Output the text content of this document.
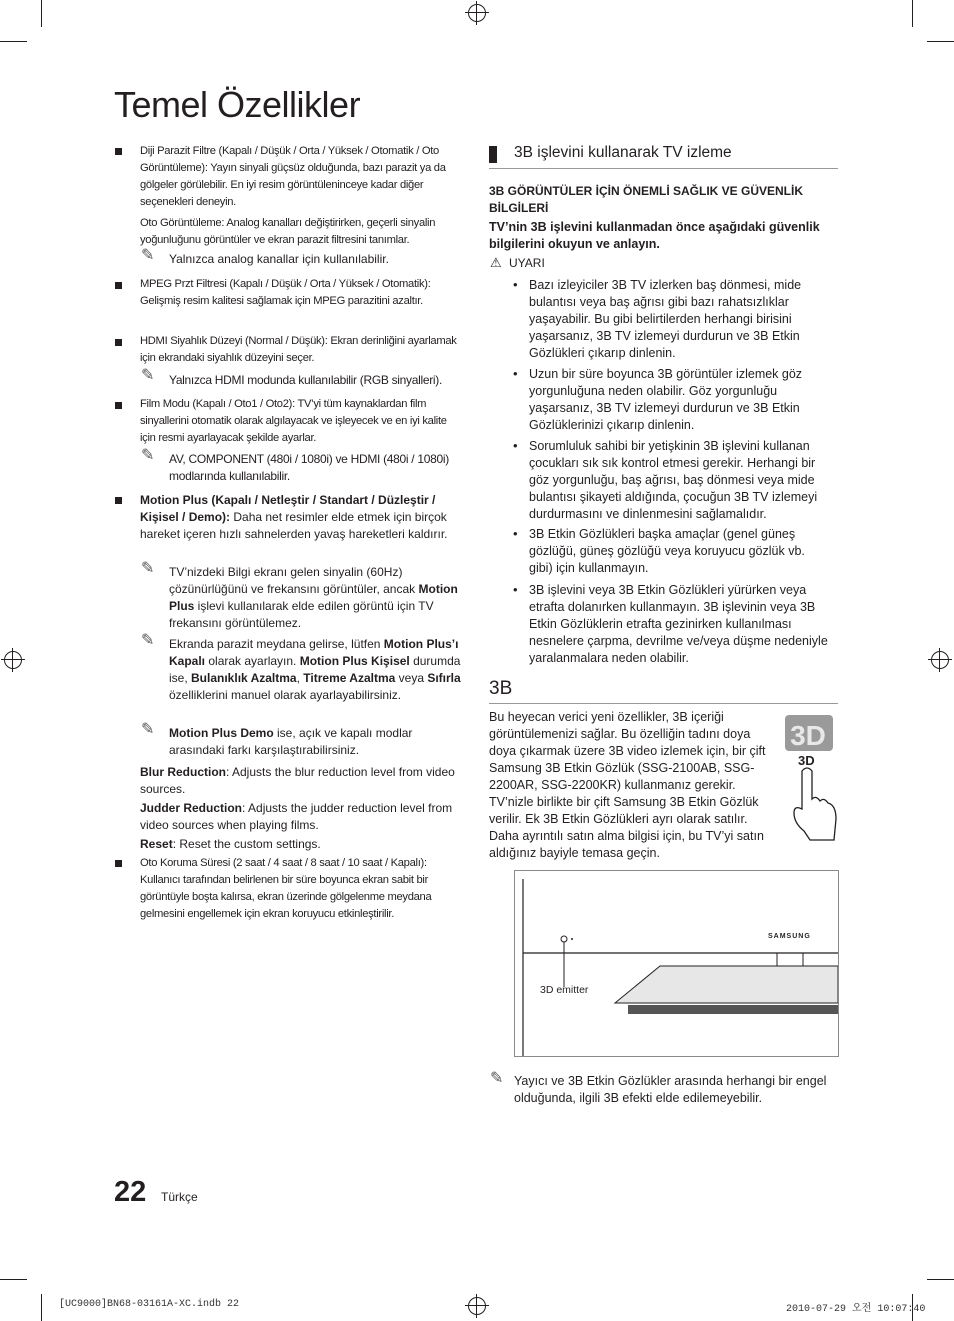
Temel Özellikler
Diji Parazit Filtre (Kapalı / Düşük / Orta / Yüksek / Otomatik / Oto Görüntüleme): Yayın sinyali güçsüz olduğunda, bazı parazit ya da gölgeler görülebilir. En iyi resim görüntüleninceye kadar diğer seçenekleri deneyin.
Oto Görüntüleme: Analog kanalları değiştirirken, geçerli sinyalin yoğunluğunu görüntüler ve ekran parazit filtresini tanımlar.
✎ Yalnızca analog kanallar için kullanılabilir.
MPEG Przt Filtresi (Kapalı / Düşük / Orta / Yüksek / Otomatik): Gelişmiş resim kalitesi sağlamak için MPEG parazitini azaltır.
HDMI Siyahlık Düzeyi (Normal / Düşük): Ekran derinliğini ayarlamak için ekrandaki siyahlık düzeyini seçer.
✎ Yalnızca HDMI modunda kullanılabilir (RGB sinyalleri).
Film Modu (Kapalı / Oto1 / Oto2): TV’yi tüm kaynaklardan film sinyallerini otomatik olarak algılayacak ve işleyecek ve en iyi kalite için resmi ayarlayacak şekilde ayarlar.
✎ AV, COMPONENT (480i / 1080i) ve HDMI (480i / 1080i) modlarında kullanılabilir.
Motion Plus (Kapalı / Netleştir / Standart / Düzleştir / Kişisel / Demo): Daha net resimler elde etmek için birçok hareket içeren hızlı sahnelerden yavaş hareketleri kaldırır.
✎ TV’nizdeki Bilgi ekranı gelen sinyalin (60Hz) çözünürlüğünü ve frekansını görüntüler, ancak Motion Plus işlevi kullanılarak elde edilen görüntü için TV frekansını görüntülemez.
✎ Ekranda parazit meydana gelirse, lütfen Motion Plus’ı Kapalı olarak ayarlayın. Motion Plus Kişisel durumda ise, Bulanıklık Azaltma, Titreme Azaltma veya Sıfırla özelliklerini manuel olarak ayarlayabilirsiniz.
✎ Motion Plus Demo ise, açık ve kapalı modlar arasındaki farkı karşılaştırabilirsiniz.
Blur Reduction: Adjusts the blur reduction level from video sources.
Judder Reduction: Adjusts the judder reduction level from video sources when playing films.
Reset: Reset the custom settings.
Oto Koruma Süresi (2 saat / 4 saat / 8 saat / 10 saat / Kapalı): Kullanıcı tarafından belirlenen bir süre boyunca ekran sabit bir görüntüyle boşta kalırsa, ekran üzerinde gölgelenme meydana gelmesini engellemek için ekran koruyucu etkinleştirilir.
3B işlevini kullanarak TV izleme
3B GÖRÜNTÜLER İÇİN ÖNEMLİ SAĞLIK VE GÜVENLİK BİLGİLERİ
TV’nin 3B işlevini kullanmadan önce aşağıdaki güvenlik bilgilerini okuyun ve anlayın.
⚠ UYARI
• Bazı izleyiciler 3B TV izlerken baş dönmesi, mide bulantısı veya baş ağrısı gibi bazı rahatsızlıklar yaşayabilir. Bu gibi belirtilerden herhangi birisini yaşarsanız, 3B TV izlemeyi durdurun ve 3B Etkin Gözlükleri çıkarıp dinlenin.
• Uzun bir süre boyunca 3B görüntüler izlemek göz yorgunluğuna neden olabilir. Göz yorgunluğu yaşarsanız, 3B TV izlemeyi durdurun ve 3B Etkin Gözlüklerinizi çıkarıp dinlenin.
• Sorumluluk sahibi bir yetişkinin 3B işlevini kullanan çocukları sık sık kontrol etmesi gerekir. Herhangi bir göz yorgunluğu, baş ağrısı, baş dönmesi veya mide bulantısı şikayeti aldığında, çocuğun 3B TV izlemeyi durdurmasını ve dinlenmesini sağlamalıdır.
• 3B Etkin Gözlükleri başka amaçlar (genel güneş gözlüğü, güneş gözlüğü veya koruyucu gözlük vb. gibi) için kullanmayın.
• 3B işlevini veya 3B Etkin Gözlükleri yürürken veya etrafta dolanırken kullanmayın. 3B işlevinin veya 3B Etkin Gözlüklerin etrafta gezinirken kullanılması nesnelere çarpma, devrilme ve/veya düşme nedeniyle yaralanmalara neden olabilir.
3B
Bu heyecan verici yeni özellikler, 3B içeriği görüntülemenizi sağlar. Bu özelliğin tadını doya doya çıkarmak üzere 3B video izlemek için, bir çift Samsung 3B Etkin Gözlük (SSG-2100AB, SSG-2200AR, SSG-2200KR) kullanmanız gerekir. TV’nizle birlikte bir çift Samsung 3B Etkin Gözlük verilir. Ek 3B Etkin Gözlükleri ayrı olarak satılır. Daha ayrıntılı satın alma bilgisi için, bu TV’yi satın aldığınız bayiyle temasa geçin.
3D
3D
SAMSUNG
3D emitter
✎ Yayıcı ve 3B Etkin Gözlükler arasında herhangi bir engel olduğunda, ilgili 3B efekti elde edilemeyebilir.
22 Türkçe
[UC9000]BN68-03161A-XC.indb 22	2010-07-29 오전 10:07:40
